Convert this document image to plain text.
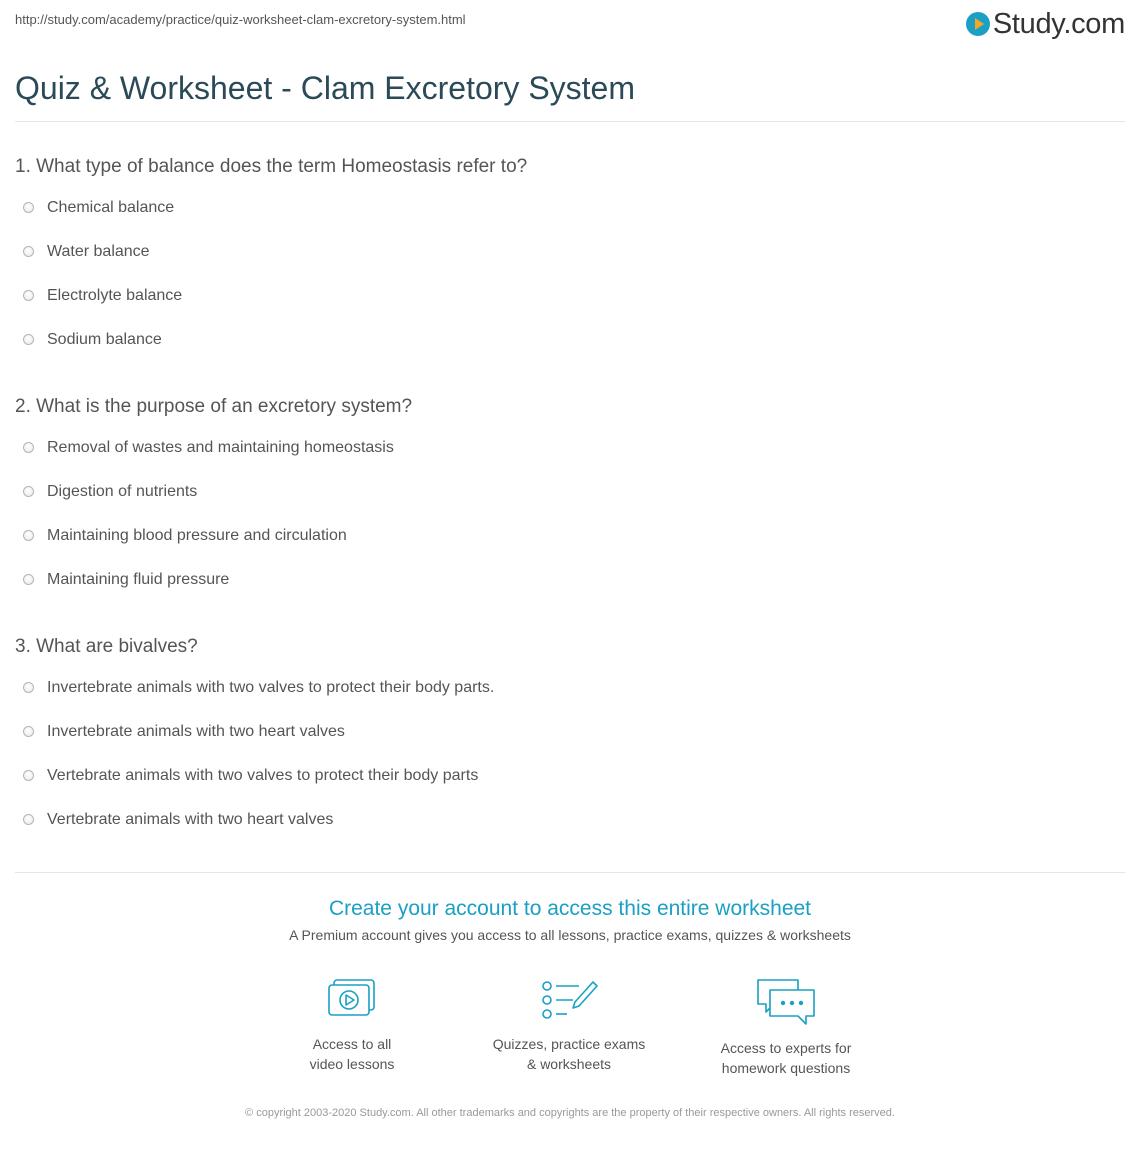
http://study.com/academy/practice/quiz-worksheet-clam-excretory-system.html	Study.com
Quiz & Worksheet - Clam Excretory System
1. What type of balance does the term Homeostasis refer to?
Chemical balance
Water balance
Electrolyte balance
Sodium balance
2. What is the purpose of an excretory system?
Removal of wastes and maintaining homeostasis
Digestion of nutrients
Maintaining blood pressure and circulation
Maintaining fluid pressure
3. What are bivalves?
Invertebrate animals with two valves to protect their body parts.
Invertebrate animals with two heart valves
Vertebrate animals with two valves to protect their body parts
Vertebrate animals with two heart valves
Create your account to access this entire worksheet
A Premium account gives you access to all lessons, practice exams, quizzes & worksheets
Access to all
video lessons
Quizzes, practice exams
& worksheets
Access to experts for
homework questions
© copyright 2003-2020 Study.com. All other trademarks and copyrights are the property of their respective owners. All rights reserved.
